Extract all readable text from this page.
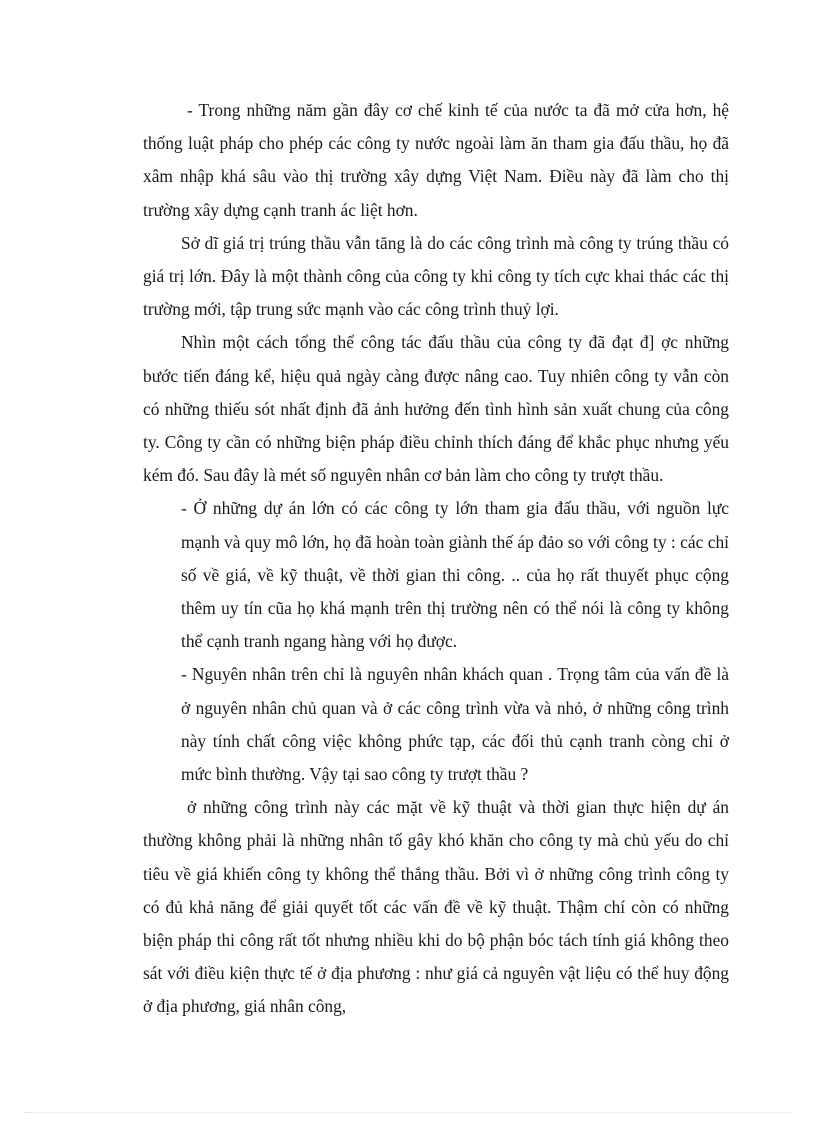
- Trong những năm gần đây cơ chế kinh tế của nước ta đã mở cửa hơn, hệ thống luật pháp cho phép các công ty nước ngoài làm ăn tham gia đấu thầu, họ đã xâm nhập khá sâu vào thị trường xây dựng Việt Nam. Điều này đã làm cho thị trường xây dựng cạnh tranh ác liệt hơn.

Sở dĩ giá trị trúng thầu vẫn tăng là do các công trình mà công ty trúng thầu có giá trị lớn. Đây là một thành công của công ty khi công ty tích cực khai thác các thị trường mới, tập trung sức mạnh vào các công trình thuỷ lợi.

Nhìn một cách tổng thể công tác đấu thầu của công ty đã đạt đ] ợc những bước tiến đáng kể, hiệu quả ngày càng được nâng cao. Tuy nhiên công ty vẫn còn có những thiếu sót nhất định đã ảnh hưởng đến tình hình sản xuất chung của công ty. Công ty cần có những biện pháp điều chỉnh thích đáng để khắc phục nhưng yếu kém đó. Sau đây là mét số nguyên nhân cơ bản làm cho công ty trượt thầu.

- Ở những dự án lớn có các công ty lớn tham gia đấu thầu, với nguồn lực mạnh và quy mô lớn, họ đã hoàn toàn giành thế áp đảo so với công ty : các chỉ số về giá, về kỹ thuật, về thời gian thi công. .. của họ rất thuyết phục cộng thêm uy tín cũa họ khá mạnh trên thị trường nên có thể nói là công ty không thể cạnh tranh ngang hàng với họ được.

- Nguyên nhân trên chỉ là nguyên nhân khách quan . Trọng tâm của vấn đề là ở nguyên nhân chủ quan và ở các công trình vừa và nhỏ, ở những công trình này tính chất công việc không phức tạp, các đối thủ cạnh tranh còng chỉ ở mức bình thường. Vậy tại sao công ty trượt thầu ?

ở những công trình này các mặt về kỹ thuật và thời gian thực hiện dự án thường không phải là những nhân tố gây khó khăn cho công ty mà chủ yếu do chỉ tiêu về giá khiến công ty không thể thắng thầu. Bởi vì ở những công trình công ty có đủ khả năng để giải quyết tốt các vấn đề về kỹ thuật. Thậm chí còn có những biện pháp thi công rất tốt nhưng nhiều khi do bộ phận bóc tách tính giá không theo sát với điều kiện thực tế ở địa phương : như giá cả nguyên vật liệu có thể huy động ở địa phương, giá nhân công,
